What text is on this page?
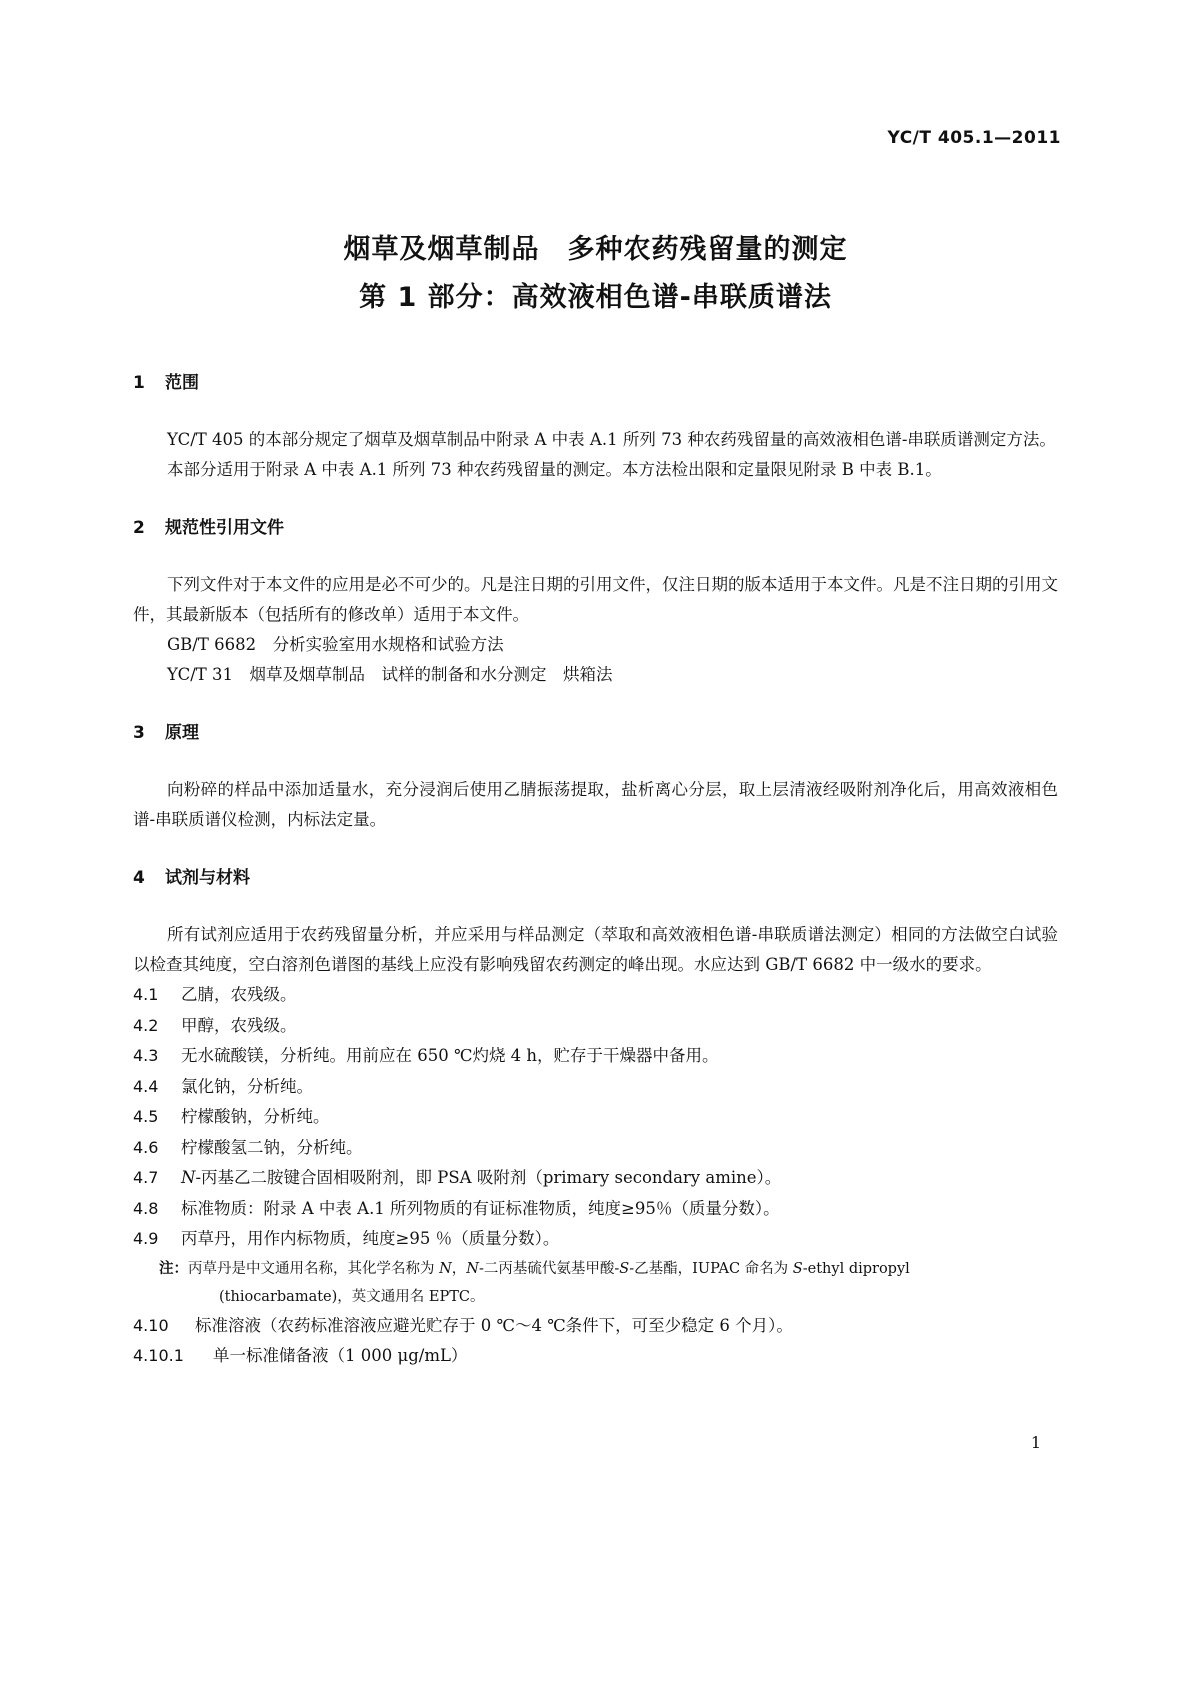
YC/T 405.1—2011
烟草及烟草制品　多种农药残留量的测定
第 1 部分：高效液相色谱-串联质谱法
1 范围
YC/T 405 的本部分规定了烟草及烟草制品中附录 A 中表 A.1 所列 73 种农药残留量的高效液相色谱-串联质谱测定方法。
本部分适用于附录 A 中表 A.1 所列 73 种农药残留量的测定。本方法检出限和定量限见附录 B 中表 B.1。
2 规范性引用文件
下列文件对于本文件的应用是必不可少的。凡是注日期的引用文件，仅注日期的版本适用于本文件。凡是不注日期的引用文件，其最新版本（包括所有的修改单）适用于本文件。
GB/T 6682　分析实验室用水规格和试验方法
YC/T 31　烟草及烟草制品　试样的制备和水分测定　烘箱法
3 原理
向粉碎的样品中添加适量水，充分浸润后使用乙腈振荡提取，盐析离心分层，取上层清液经吸附剂净化后，用高效液相色谱-串联质谱仪检测，内标法定量。
4 试剂与材料
所有试剂应适用于农药残留量分析，并应采用与样品测定（萃取和高效液相色谱-串联质谱法测定）相同的方法做空白试验以检查其纯度，空白溶剂色谱图的基线上应没有影响残留农药测定的峰出现。水应达到 GB/T 6682 中一级水的要求。
4.1 乙腈，农残级。
4.2 甲醇，农残级。
4.3 无水硫酸镁，分析纯。用前应在 650 ℃灼烧 4 h，贮存于干燥器中备用。
4.4 氯化钠，分析纯。
4.5 柠檬酸钠，分析纯。
4.6 柠檬酸氢二钠，分析纯。
4.7 N-丙基乙二胺键合固相吸附剂，即 PSA 吸附剂（primary secondary amine）。
4.8 标准物质：附录 A 中表 A.1 所列物质的有证标准物质，纯度≥95％（质量分数）。
4.9 丙草丹，用作内标物质，纯度≥95 ％（质量分数）。
注：丙草丹是中文通用名称，其化学名称为 N，N-二丙基硫代氨基甲酸-S-乙基酯，IUPAC 命名为 S-ethyl dipropyl
(thiocarbamate)，英文通用名 EPTC。
4.10 标准溶液（农药标准溶液应避光贮存于 0 ℃～4 ℃条件下，可至少稳定 6 个月）。
4.10.1 单一标准储备液（1 000 μg/mL）
1
